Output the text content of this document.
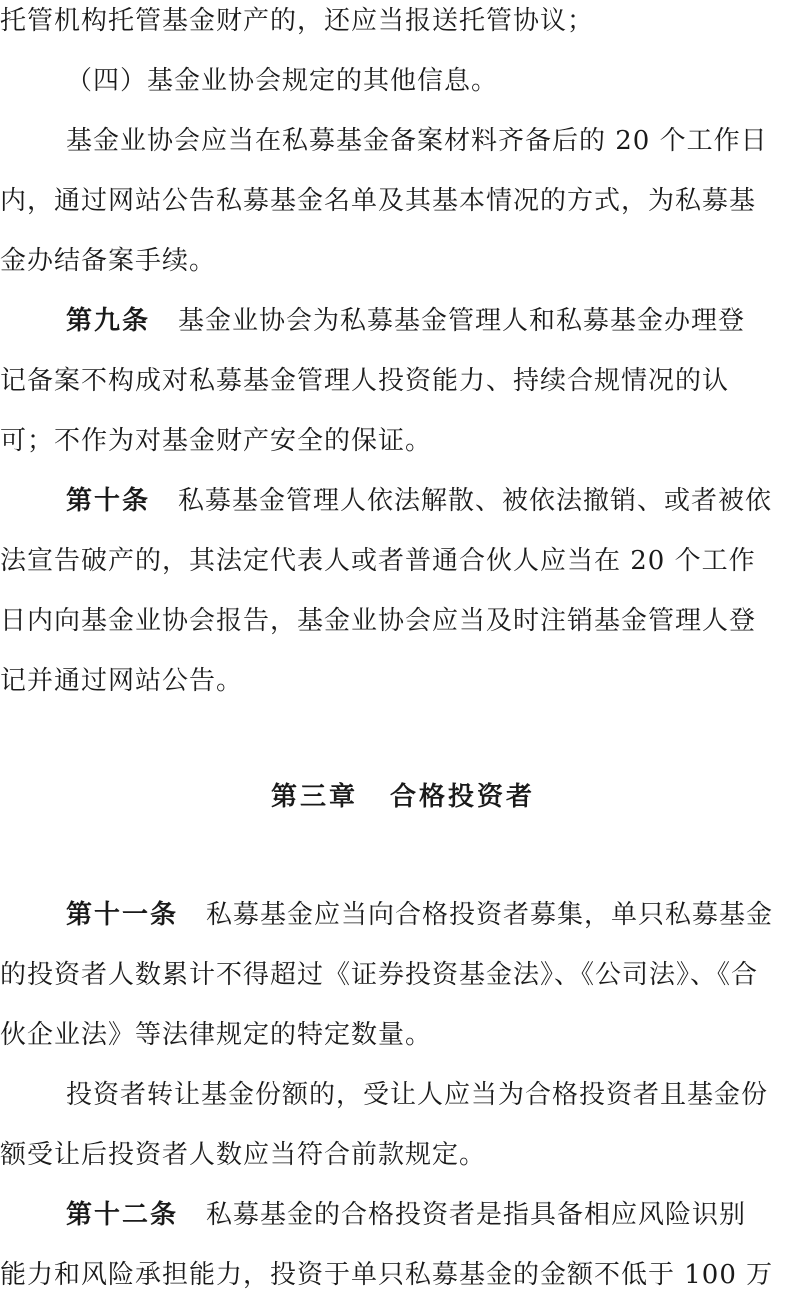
托管机构托管基金财产的，还应当报送托管协议；
（四）基金业协会规定的其他信息。
基金业协会应当在私募基金备案材料齐备后的 20 个工作日
内，通过网站公告私募基金名单及其基本情况的方式，为私募基
金办结备案手续。
第九条 基金业协会为私募基金管理人和私募基金办理登
记备案不构成对私募基金管理人投资能力、持续合规情况的认
可；不作为对基金财产安全的保证。
第十条 私募基金管理人依法解散、被依法撤销、或者被依
法宣告破产的，其法定代表人或者普通合伙人应当在 20 个工作
日内向基金业协会报告，基金业协会应当及时注销基金管理人登
记并通过网站公告。
第三章 合格投资者
第十一条 私募基金应当向合格投资者募集，单只私募基金
的投资者人数累计不得超过《证券投资基金法》、《公司法》、《合
伙企业法》等法律规定的特定数量。
投资者转让基金份额的，受让人应当为合格投资者且基金份
额受让后投资者人数应当符合前款规定。
第十二条 私募基金的合格投资者是指具备相应风险识别
能力和风险承担能力，投资于单只私募基金的金额不低于 100 万
